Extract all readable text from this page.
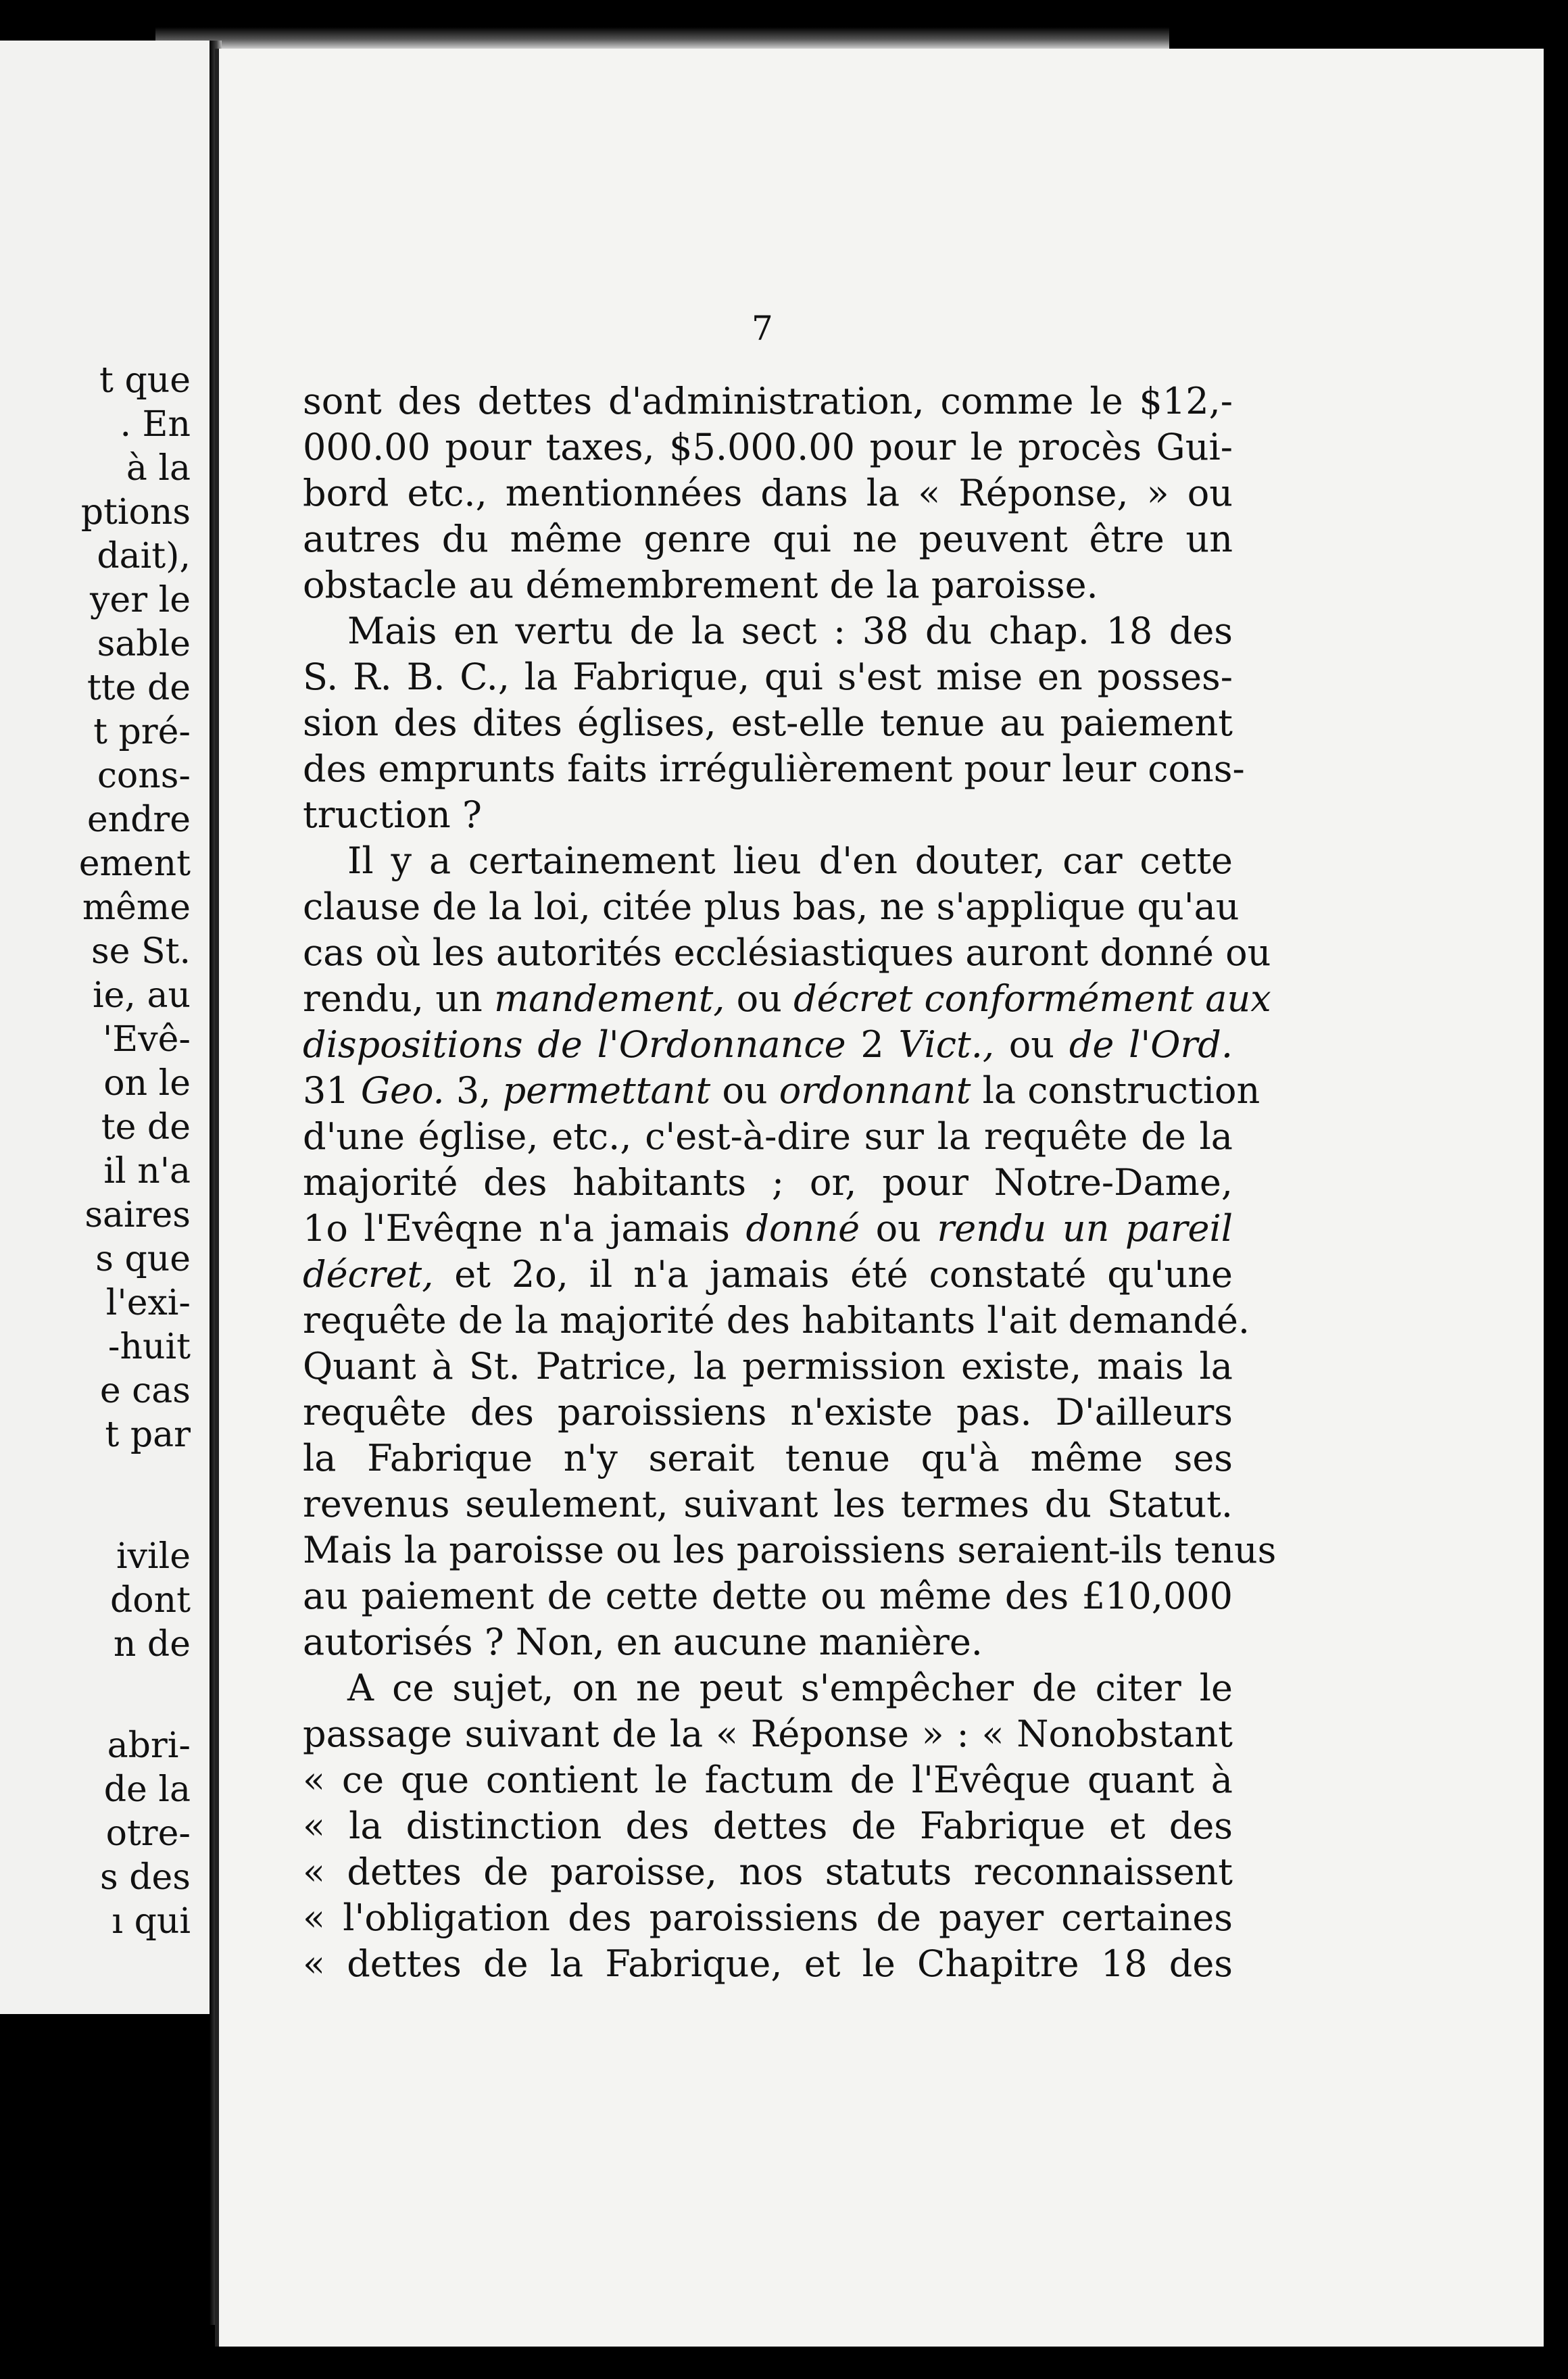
t que
. En
à la
ptions
dait),
yer le
sable
tte de
t pré-
cons-
endre
ement
même
se St.
ie, au
'Evê-
on le
te de
il n'a
saires
s que
l'exi-
-huit
e cas
t par
ivile
dont
n de
abri-
de la
otre-
s des
ı qui
7
sont des dettes d'administration, comme le $12,-
000.00 pour taxes, $5.000.00 pour le procès Gui-
bord etc., mentionnées dans la « Réponse, » ou
autres du même genre qui ne peuvent être un
obstacle au démembrement de la paroisse.
Mais en vertu de la sect : 38 du chap. 18 des
S. R. B. C., la Fabrique, qui s'est mise en posses-
sion des dites églises, est-elle tenue au paiement
des emprunts faits irrégulièrement pour leur cons-
truction ?
Il y a certainement lieu d'en douter, car cette
clause de la loi, citée plus bas, ne s'applique qu'au
cas où les autorités ecclésiastiques auront donné ou
rendu, un mandement, ou décret conformément aux
dispositions de l'Ordonnance 2 Vict., ou de l'Ord.
31 Geo. 3, permettant ou ordonnant la construction
d'une église, etc., c'est-à-dire sur la requête de la
majorité des habitants ; or, pour Notre-Dame,
1o l'Evêqne n'a jamais donné ou rendu un pareil
décret, et 2o, il n'a jamais été constaté qu'une
requête de la majorité des habitants l'ait demandé.
Quant à St. Patrice, la permission existe, mais la
requête des paroissiens n'existe pas. D'ailleurs
la Fabrique n'y serait tenue qu'à même ses
revenus seulement, suivant les termes du Statut.
Mais la paroisse ou les paroissiens seraient-ils tenus
au paiement de cette dette ou même des £10,000
autorisés ? Non, en aucune manière.
A ce sujet, on ne peut s'empêcher de citer le
passage suivant de la « Réponse » : « Nonobstant
« ce que contient le factum de l'Evêque quant à
« la distinction des dettes de Fabrique et des
« dettes de paroisse, nos statuts reconnaissent
« l'obligation des paroissiens de payer certaines
« dettes de la Fabrique, et le Chapitre 18 des
